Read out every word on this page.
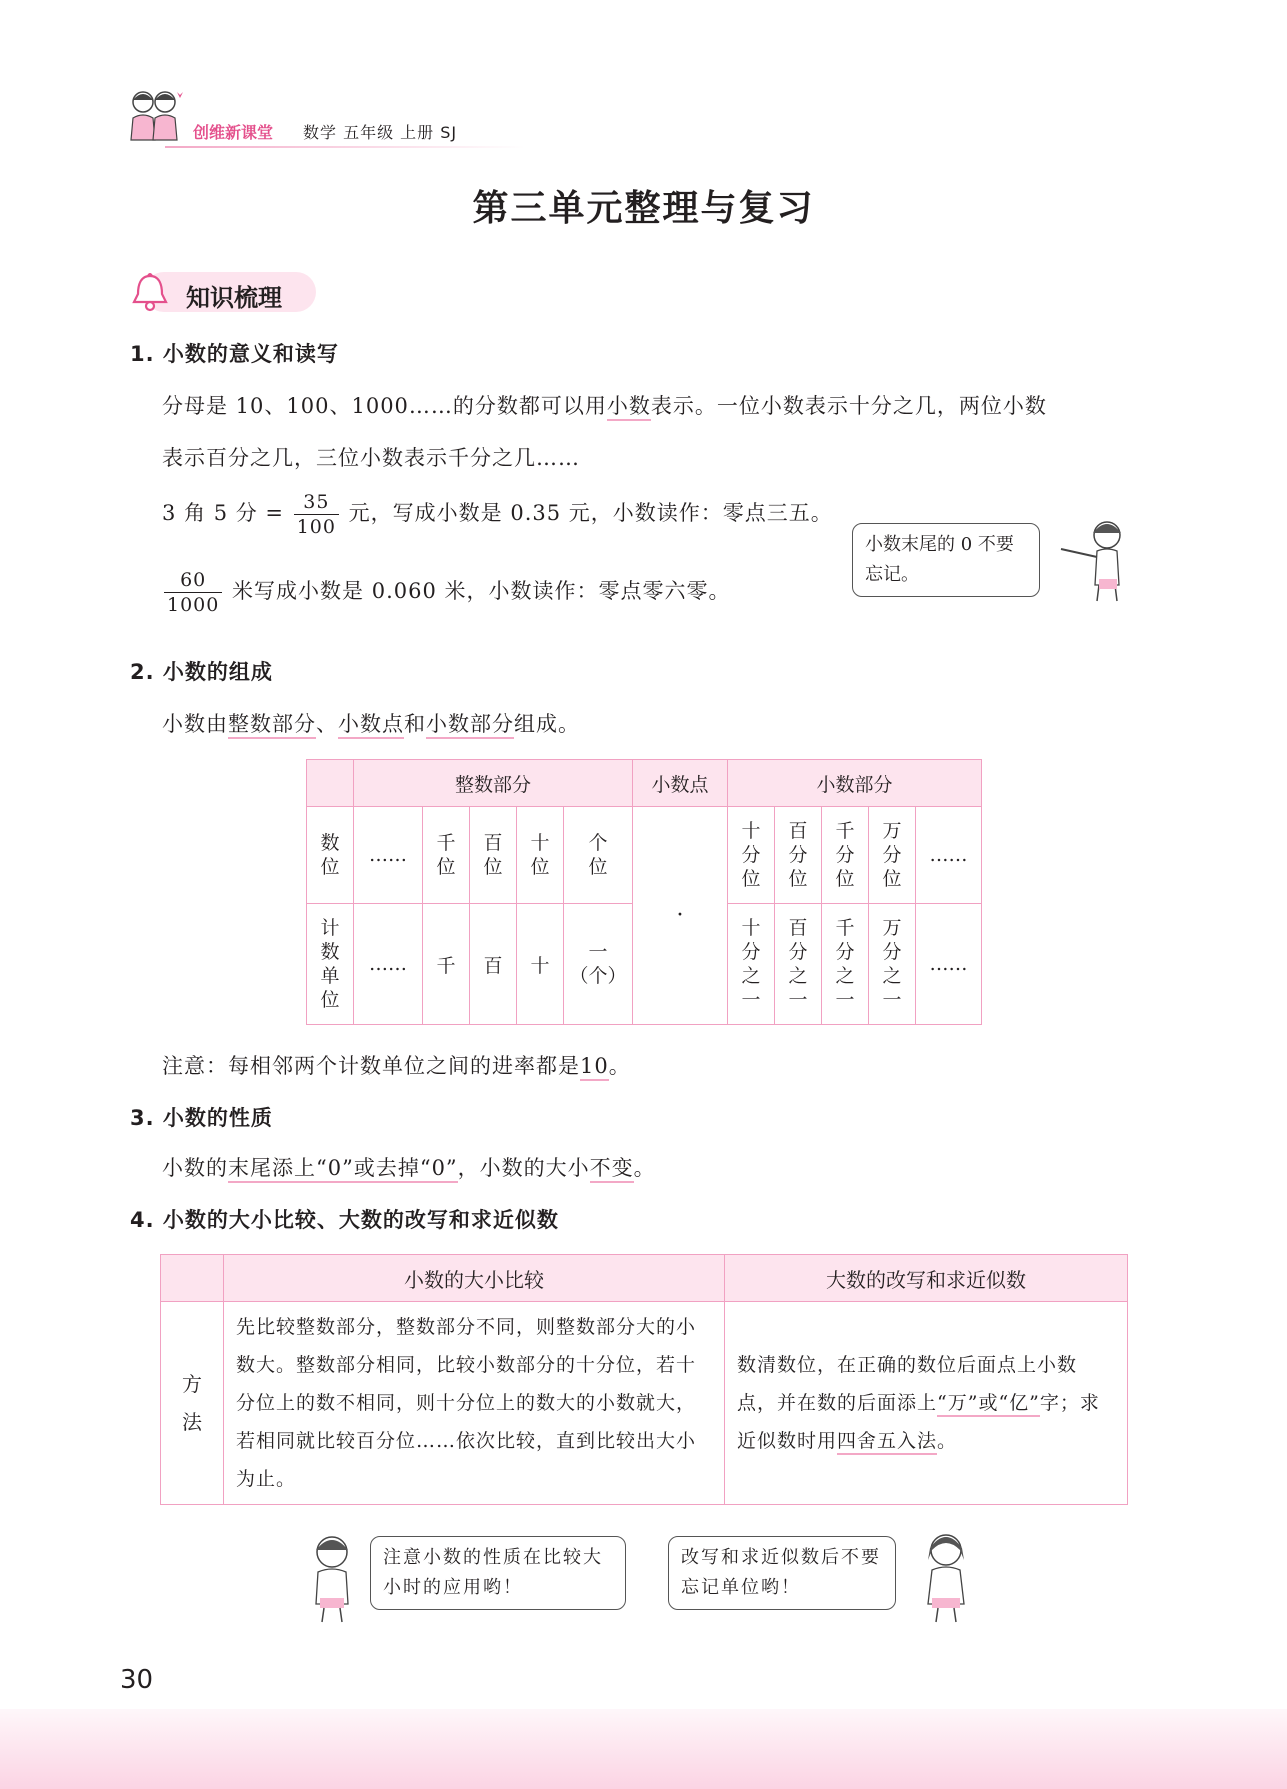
创维新课堂 数学 五年级 上册 SJ
第三单元整理与复习
知识梳理
1. 小数的意义和读写
分母是 10、100、1000……的分数都可以用小数表示。一位小数表示十分之几，两位小数
表示百分之几，三位小数表示千分之几……
3 角 5 分 = $\frac{35}{100}$ 元，写成小数是 0.35 元，小数读作：零点三五。
$\frac{60}{1000}$ 米写成小数是 0.060 米，小数读作：零点零六零。
小数末尾的 0 不要忘记。
2. 小数的组成
小数由整数部分、小数点和小数部分组成。
	整数部分					小数点	小数部分				
数位	……	千位	百位	十位	个位	·	十分位	百分位	千分位	万分位	……
计数单位	……	千	百	十	一（个）		十分之一	百分之一	千分之一	万分之一	……
注意：每相邻两个计数单位之间的进率都是10。
3. 小数的性质
小数的末尾添上“0”或去掉“0”，小数的大小不变。
4. 小数的大小比较、大数的改写和求近似数
	小数的大小比较	大数的改写和求近似数
方法	先比较整数部分，整数部分不同，则整数部分大的小数大。整数部分相同，比较小数部分的十分位，若十分位上的数不相同，则十分位上的数大的小数就大，若相同就比较百分位……依次比较，直到比较出大小为止。	数清数位，在正确的数位后面点上小数点，并在数的后面添上“万”或“亿”字；求近似数时用四舍五入法。
注意小数的性质在比较大小时的应用哟！
改写和求近似数后不要忘记单位哟！
30
